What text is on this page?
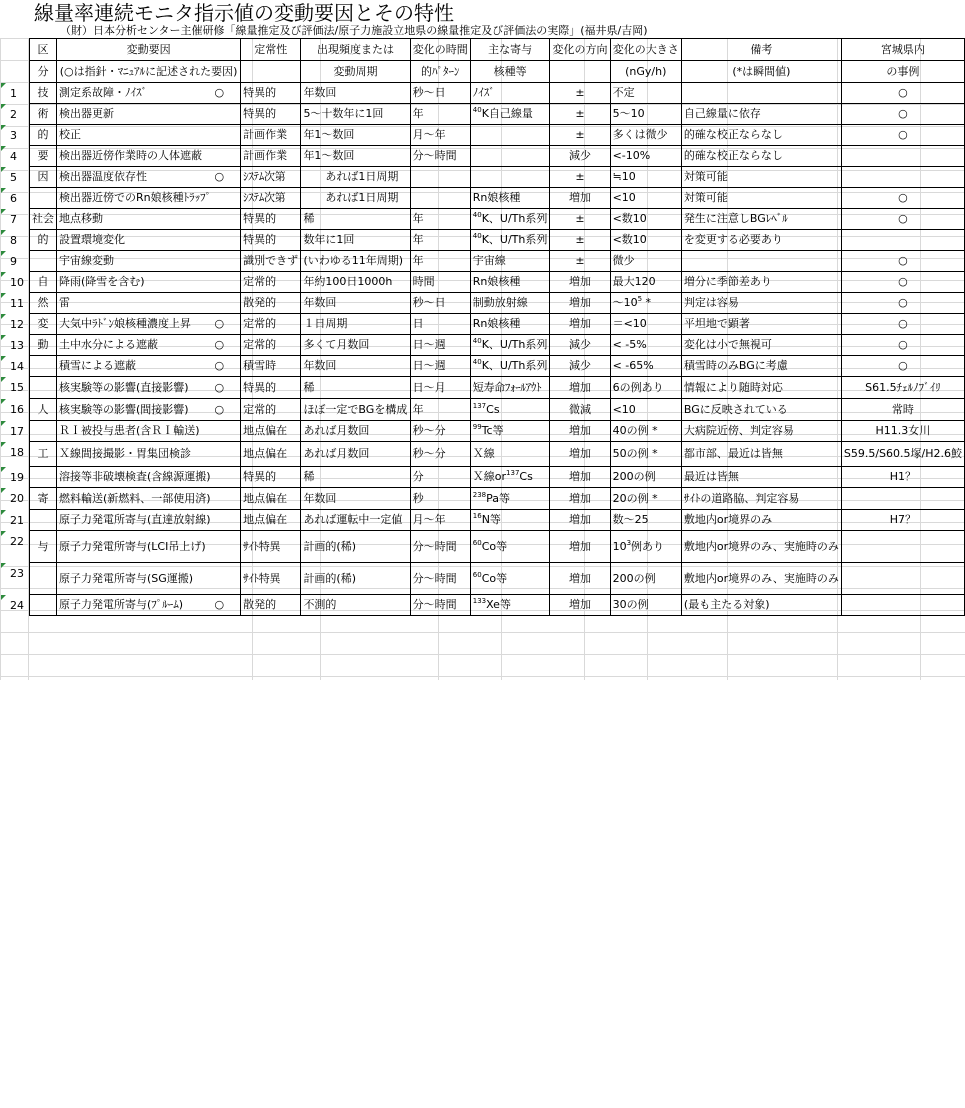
線量率連続モニタ指示値の変動要因とその特性
（財）日本分析センター主催研修「線量推定及び評価法/原子力施設立地県の線量推定及び評価法の実際」(福井県/吉岡)
区	変動要因	定常性	出現頻度または	変化の時間	主な寄与	変化の方向	変化の大きさ	備考	宮城県内
分	(○は指針・ﾏﾆｭｱﾙに記述された要因)		変動周期	的ﾊﾟﾀｰﾝ	核種等		(nGy/h)	(*は瞬間値)	の事例
技	測定系故障・ﾉｲｽﾞ ○	特異的	年数回	秒～日	ﾉｲｽﾞ	±	不定		○
術	検出器更新	特異的	5～十数年に1回	年	$^{40}$K自己線量	±	5～10	自己線量に依存	○
的	校正	計画作業	年1～数回	月～年		±	多くは微少	的確な校正ならなし	○
要	検出器近傍作業時の人体遮蔽	計画作業	年1～数回	分～時間		減少	<-10%	的確な校正ならなし	
因	検出器温度依存性 ○	ｼｽﾃﾑ次第	　　あれば1日周期			±	≒10	対策可能	
	検出器近傍でのRn娘核種ﾄﾗｯﾌﾟ	ｼｽﾃﾑ次第	　　あれば1日周期		Rn娘核種	増加	<10	対策可能	○
社会	地点移動	特異的	稀	年	$^{40}$K、U/Th系列	±	<数10	発生に注意しBGﾚﾍﾞﾙ	○
的	設置環境変化	特異的	数年に1回	年	$^{40}$K、U/Th系列	±	<数10	を変更する必要あり	
	宇宙線変動	識別できず	(いわゆる11年周期)	年	宇宙線	±	微少		○
自	降雨(降雪を含む)	定常的	年約100日1000h	時間	Rn娘核種	増加	最大120	増分に季節差あり	○
然	雷	散発的	年数回	秒～日	制動放射線	増加	$\sim 10^5$ *	判定は容易	○
変	大気中ﾗﾄﾞﾝ娘核種濃度上昇 ○	定常的	１日周期	日	Rn娘核種	増加	＝<10	平坦地で顕著	○
動	土中水分による遮蔽 ○	定常的	多くて月数回	日～週	$^{40}$K、U/Th系列	減少	< -5%	変化は小で無視可	○
	積雪による遮蔽 ○	積雪時	年数回	日～週	$^{40}$K、U/Th系列	減少	< -65%	積雪時のみBGに考慮	○
	核実験等の影響(直接影響) ○	特異的	稀	日～月	短寿命ﾌｫｰﾙｱｳﾄ	増加	6の例あり	情報により随時対応	S61.5ﾁｪﾙﾉﾌﾞｲﾘ
人	核実験等の影響(間接影響) ○	定常的	ほぼ一定でBGを構成	年	$^{137}$Cs	微減	<10	BGに反映されている	常時
	ＲＩ被投与患者(含ＲＩ輸送)	地点偏在	あれば月数回	秒～分	$^{99}$Tc等	増加	40の例 *	大病院近傍、判定容易	H11.3女川
工	Ｘ線間接撮影・胃集団検診	地点偏在	あれば月数回	秒～分	Ｘ線	増加	50の例 *	都市部、最近は皆無	S59.5/S60.5塚/H2.6鮫
	溶接等非破壊検査(含線源運搬)	特異的	稀	分	Ｘ線$or^{137}Cs$	増加	200の例	最近は皆無	H1？
寄	燃料輸送(新燃料、一部使用済)	地点偏在	年数回	秒	$^{238}$Pa等	増加	20の例 *	ｻｲﾄの道路脇、判定容易	
	原子力発電所寄与(直達放射線)	地点偏在	あれば運転中一定値	月～年	$^{16}$N等	増加	数～25	敷地内or境界のみ	H7？
与	原子力発電所寄与(LCI吊上げ)	ｻｲﾄ特異	計画的(稀)	分～時間	$^{60}$Co等	増加	$10^3$例あり	敷地内or境界のみ、実施時のみ	
	原子力発電所寄与(SG運搬)	ｻｲﾄ特異	計画的(稀)	分～時間	$^{60}$Co等	増加	200の例	敷地内or境界のみ、実施時のみ	
	原子力発電所寄与(ﾌﾟﾙｰﾑ) ○	散発的	不測的	分～時間	$^{133}$Xe等	増加	30の例	(最も主たる対象)	
1
2
3
4
5
6
7
8
9
10
11
12
13
14
15
16
17
18
19
20
21
22
23
24
